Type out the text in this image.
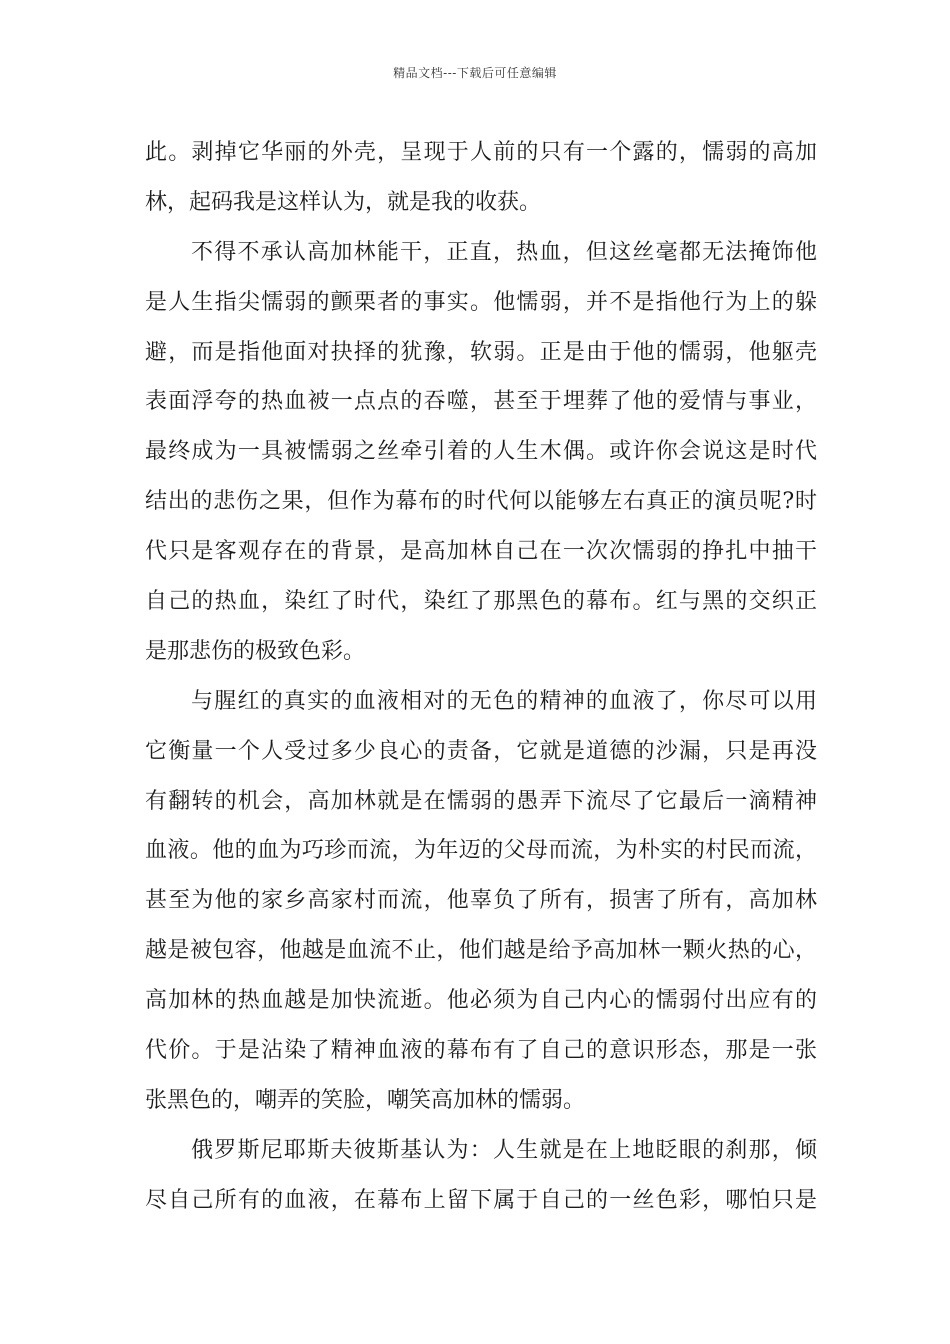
精品文档---下载后可任意编辑
此。剥掉它华丽的外壳，呈现于人前的只有一个露的，懦弱的高加
林，起码我是这样认为，就是我的收获。
不得不承认高加林能干，正直，热血，但这丝毫都无法掩饰他
是人生指尖懦弱的颤栗者的事实。他懦弱，并不是指他行为上的躲
避，而是指他面对抉择的犹豫，软弱。正是由于他的懦弱，他躯壳
表面浮夸的热血被一点点的吞噬，甚至于埋葬了他的爱情与事业，
最终成为一具被懦弱之丝牵引着的人生木偶。或许你会说这是时代
结出的悲伤之果，但作为幕布的时代何以能够左右真正的演员呢?时
代只是客观存在的背景，是高加林自己在一次次懦弱的挣扎中抽干
自己的热血，染红了时代，染红了那黑色的幕布。红与黑的交织正
是那悲伤的极致色彩。
与腥红的真实的血液相对的无色的精神的血液了，你尽可以用
它衡量一个人受过多少良心的责备，它就是道德的沙漏，只是再没
有翻转的机会，高加林就是在懦弱的愚弄下流尽了它最后一滴精神
血液。他的血为巧珍而流，为年迈的父母而流，为朴实的村民而流，
甚至为他的家乡高家村而流，他辜负了所有，损害了所有，高加林
越是被包容，他越是血流不止，他们越是给予高加林一颗火热的心，
高加林的热血越是加快流逝。他必须为自己内心的懦弱付出应有的
代价。于是沾染了精神血液的幕布有了自己的意识形态，那是一张
张黑色的，嘲弄的笑脸，嘲笑高加林的懦弱。
俄罗斯尼耶斯夫彼斯基认为：人生就是在上地眨眼的刹那，倾
尽自己所有的血液，在幕布上留下属于自己的一丝色彩，哪怕只是
